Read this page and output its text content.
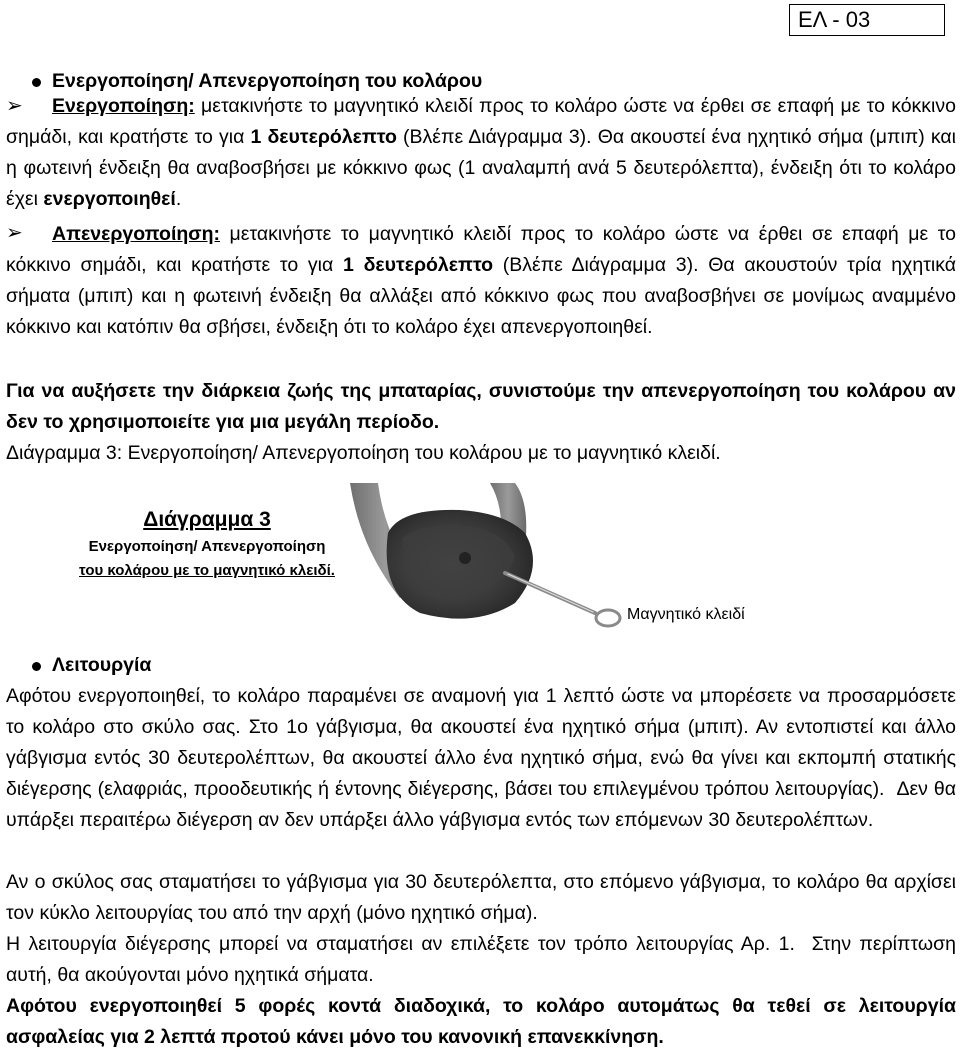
ΕΛ - 03
Ενεργοποίηση/ Απενεργοποίηση του κολάρου
➢	Ενεργοποίηση: μετακινήστε το μαγνητικό κλειδί προς το κολάρο ώστε να έρθει σε επαφή με το κόκκινο σημάδι, και κρατήστε το για 1 δευτερόλεπτο (Βλέπε Διάγραμμα 3). Θα ακουστεί ένα ηχητικό σήμα (μπιπ) και η φωτεινή ένδειξη θα αναβοσβήσει με κόκκινο φως (1 αναλαμπή ανά 5 δευτερόλεπτα), ένδειξη ότι το κολάρο έχει ενεργοποιηθεί.
➢	Απενεργοποίηση: μετακινήστε το μαγνητικό κλειδί προς το κολάρο ώστε να έρθει σε επαφή με το κόκκινο σημάδι, και κρατήστε το για 1 δευτερόλεπτο (Βλέπε Διάγραμμα 3). Θα ακουστούν τρία ηχητικά σήματα (μπιπ) και η φωτεινή ένδειξη θα αλλάξει από κόκκινο φως που αναβοσβήνει σε μονίμως αναμμένο κόκκινο και κατόπιν θα σβήσει, ένδειξη ότι το κολάρο έχει απενεργοποιηθεί.
Για να αυξήσετε την διάρκεια ζωής της μπαταρίας, συνιστούμε την απενεργοποίηση του κολάρου αν δεν το χρησιμοποιείτε για μια μεγάλη περίοδο.
Διάγραμμα 3: Ενεργοποίηση/ Απενεργοποίηση του κολάρου με το μαγνητικό κλειδί.
Διάγραμμα 3
Ενεργοποίηση/ Απενεργοποίηση
του κολάρου με το μαγνητικό κλειδί.
Μαγνητικό κλειδί
Λειτουργία
Αφότου ενεργοποιηθεί, το κολάρο παραμένει σε αναμονή για 1 λεπτό ώστε να μπορέσετε να προσαρμόσετε το κολάρο στο σκύλο σας. Στο 1ο γάβγισμα, θα ακουστεί ένα ηχητικό σήμα (μπιπ). Αν εντοπιστεί και άλλο γάβγισμα εντός 30 δευτερολέπτων, θα ακουστεί άλλο ένα ηχητικό σήμα, ενώ θα γίνει και εκπομπή στατικής διέγερσης (ελαφριάς, προοδευτικής ή έντονης διέγερσης, βάσει του επιλεγμένου τρόπου λειτουργίας). Δεν θα υπάρξει περαιτέρω διέγερση αν δεν υπάρξει άλλο γάβγισμα εντός των επόμενων 30 δευτερολέπτων.
Αν ο σκύλος σας σταματήσει το γάβγισμα για 30 δευτερόλεπτα, στο επόμενο γάβγισμα, το κολάρο θα αρχίσει τον κύκλο λειτουργίας του από την αρχή (μόνο ηχητικό σήμα).
Η λειτουργία διέγερσης μπορεί να σταματήσει αν επιλέξετε τον τρόπο λειτουργίας Αρ. 1. Στην περίπτωση αυτή, θα ακούγονται μόνο ηχητικά σήματα.
Αφότου ενεργοποιηθεί 5 φορές κοντά διαδοχικά, το κολάρο αυτομάτως θα τεθεί σε λειτουργία ασφαλείας για 2 λεπτά προτού κάνει μόνο του κανονική επανεκκίνηση.
